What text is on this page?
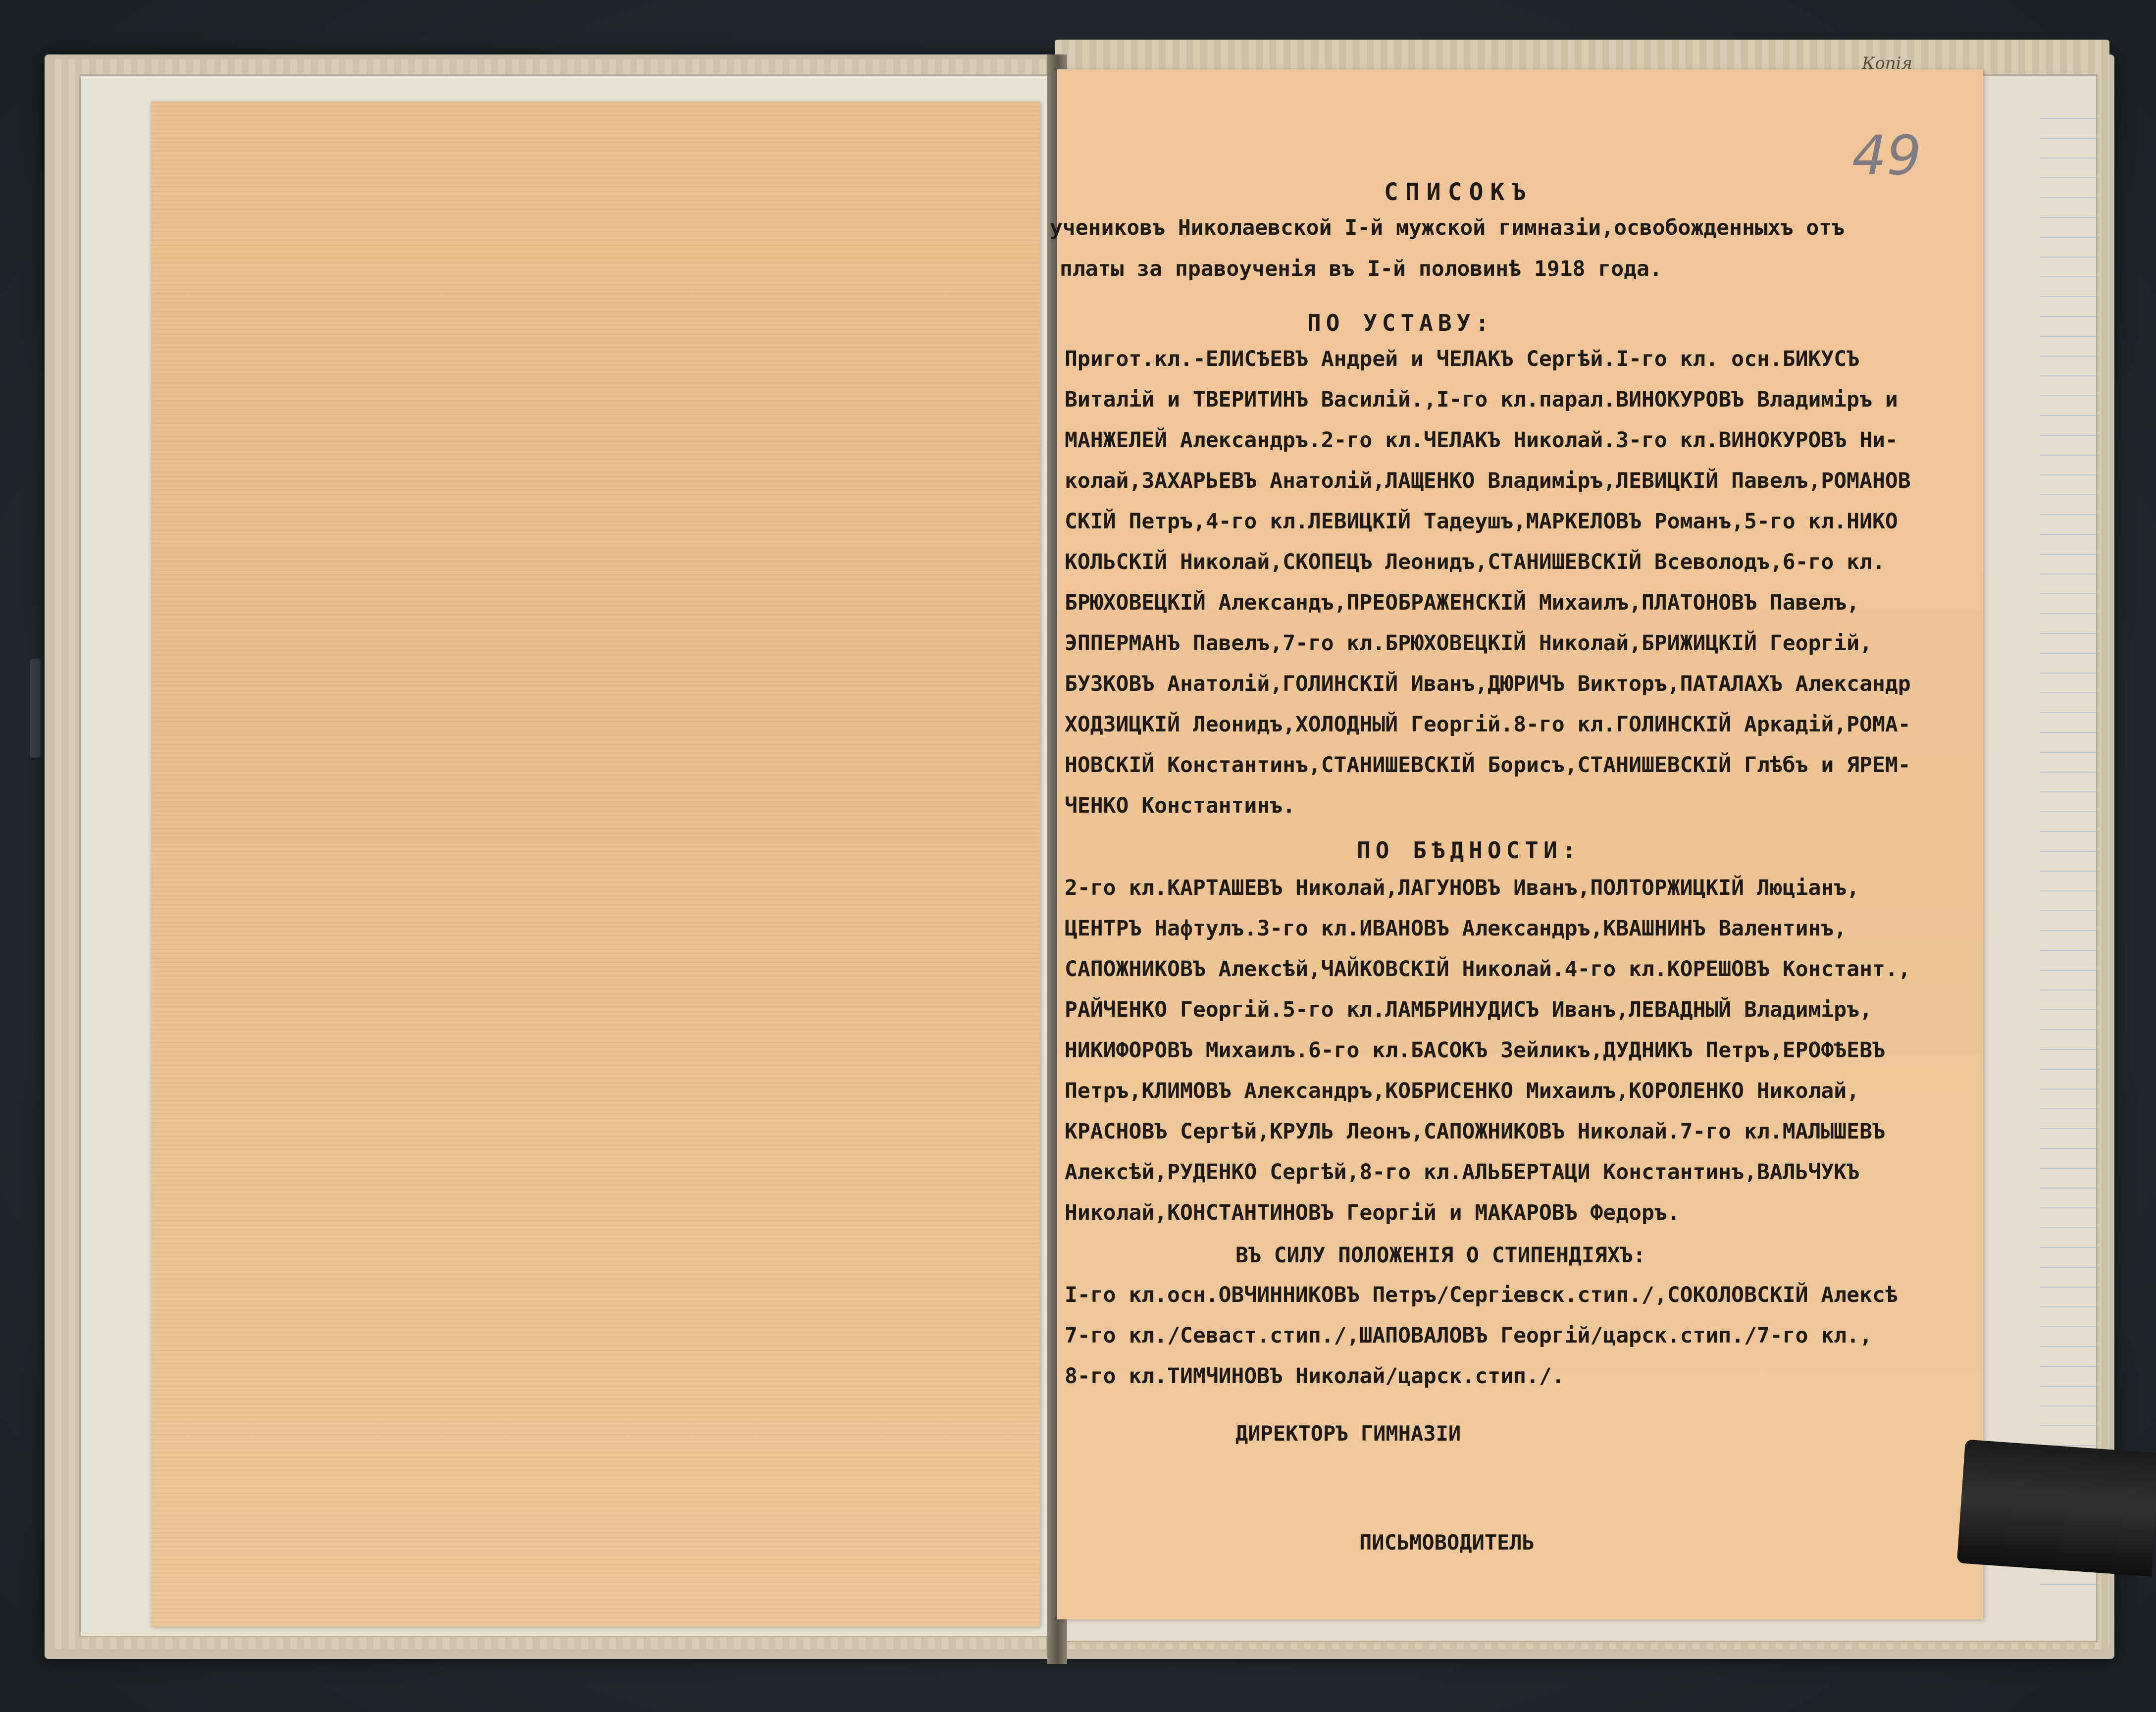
Копія
49
СПИСОКЪ
учениковъ Николаевской I-й мужской гимназіи,освобожденныхъ отъ
платы за правоученія въ I-й половинѣ 1918 года.
ПО УСТАВУ:
Пригот.кл.-ЕЛИСѢЕВЪ Андрей и ЧЕЛАКЪ Сергѣй.I-го кл. осн.БИКУСЪ
Виталій и ТВЕРИТИНЪ Василій.,I-го кл.парал.ВИНОКУРОВЪ Владиміръ и
МАНЖЕЛЕЙ Александръ.2-го кл.ЧЕЛАКЪ Николай.3-го кл.ВИНОКУРОВЪ Ни-
колай,ЗАХАРЬЕВЪ Анатолій,ЛАЩЕНКО Владиміръ,ЛЕВИЦКІЙ Павелъ,РОМАНОВ
СКІЙ Петръ,4-го кл.ЛЕВИЦКІЙ Тадеушъ,МАРКЕЛОВЪ Романъ,5-го кл.НИКО
КОЛЬСКІЙ Николай,СКОПЕЦЪ Леонидъ,СТАНИШЕВСКІЙ Всеволодъ,6-го кл.
БРЮХОВЕЦКІЙ Александъ,ПРЕОБРАЖЕНСКІЙ Михаилъ,ПЛАТОНОВЪ Павелъ,
ЭППЕРМАНЪ Павелъ,7-го кл.БРЮХОВЕЦКІЙ Николай,БРИЖИЦКІЙ Георгій,
БУЗКОВЪ Анатолій,ГОЛИНСКІЙ Иванъ,ДЮРИЧЪ Викторъ,ПАТАЛАХЪ Александр
ХОДЗИЦКІЙ Леонидъ,ХОЛОДНЫЙ Георгій.8-го кл.ГОЛИНСКІЙ Аркадій,РОМА-
НОВСКІЙ Константинъ,СТАНИШЕВСКІЙ Борисъ,СТАНИШЕВСКІЙ Глѣбъ и ЯРЕМ-
ЧЕНКО Константинъ.
ПО БѢДНОСТИ:
2-го кл.КАРТАШЕВЪ Николай,ЛАГУНОВЪ Иванъ,ПОЛТОРЖИЦКІЙ Люціанъ,
ЦЕНТРЪ Нафтулъ.3-го кл.ИВАНОВЪ Александръ,КВАШНИНЪ Валентинъ,
САПОЖНИКОВЪ Алексѣй,ЧАЙКОВСКІЙ Николай.4-го кл.КОРЕШОВЪ Констант.,
РАЙЧЕНКО Георгій.5-го кл.ЛАМБРИНУДИСЪ Иванъ,ЛЕВАДНЫЙ Владиміръ,
НИКИФОРОВЪ Михаилъ.6-го кл.БАСОКЪ Зейликъ,ДУДНИКЪ Петръ,ЕРОФѢЕВЪ
Петръ,КЛИМОВЪ Александръ,КОБРИСЕНКО Михаилъ,КОРОЛЕНКО Николай,
КРАСНОВЪ Сергѣй,КРУЛЬ Леонъ,САПОЖНИКОВЪ Николай.7-го кл.МАЛЫШЕВЪ
Алексѣй,РУДЕНКО Сергѣй,8-го кл.АЛЬБЕРТАЦИ Константинъ,ВАЛЬЧУКЪ
Николай,КОНСТАНТИНОВЪ Георгій и МАКАРОВЪ Федоръ.
ВЪ СИЛУ ПОЛОЖЕНІЯ О СТИПЕНДІЯХЪ:
I-го кл.осн.ОВЧИННИКОВЪ Петръ/Сергіевск.стип./,СОКОЛОВСКІЙ Алексѣ
7-го кл./Севаст.стип./,ШАПОВАЛОВЪ Георгій/царск.стип./7-го кл.,
8-го кл.ТИМЧИНОВЪ Николай/царск.стип./.
ДИРЕКТОРЪ ГИМНАЗІИ
ПИСЬМОВОДИТЕЛЬ
